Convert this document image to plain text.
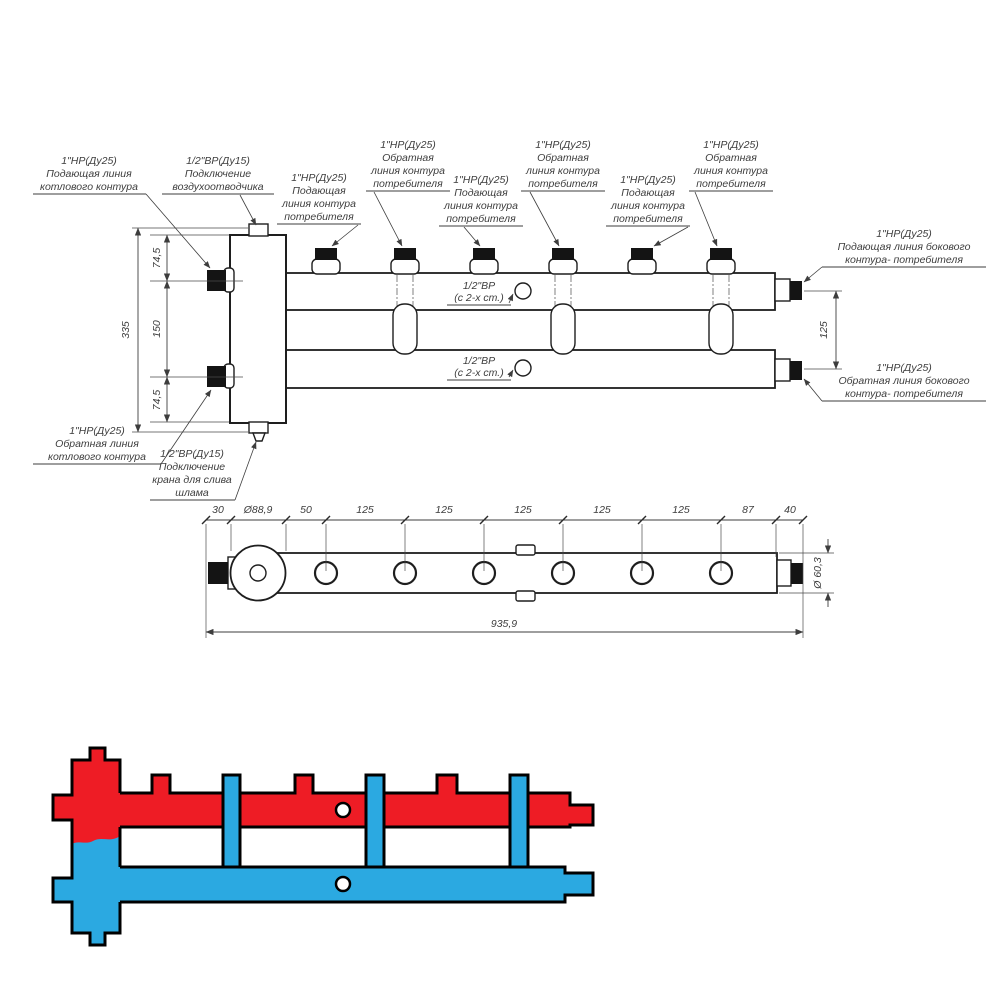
335
74,5
150
74,5
125
1"НР(Ду25)
Подающая линия
котлового контура
1/2"ВР(Ду15)
Подключение
воздухоотводчика
1"НР(Ду25)
Подающая
линия контура
потребителя
1"НР(Ду25)
Обратная
линия контура
потребителя 1"НР(Ду25)
Подающая
линия контура
потребителя
1"НР(Ду25)
Обратная
линия контура
потребителя 1"НР(Ду25)
Подающая
линия контура
потребителя
1"НР(Ду25)
Обратная
линия контура
потребителя
1"НР(Ду25)
Подающая линия бокового
контура- потребителя
1"НР(Ду25)
Обратная линия бокового
контура- потребителя
1"НР(Ду25)
Обратная линия
котлового контура 1/2"ВР(Ду15)
Подключение
крана для слива
шлама
1/2"ВР
(с 2-х ст.)
1/2"ВР
(с 2-х ст.)
30 Ø88,9	50	125	125	125	125	125	87	40
935,9
Ø 60,3
